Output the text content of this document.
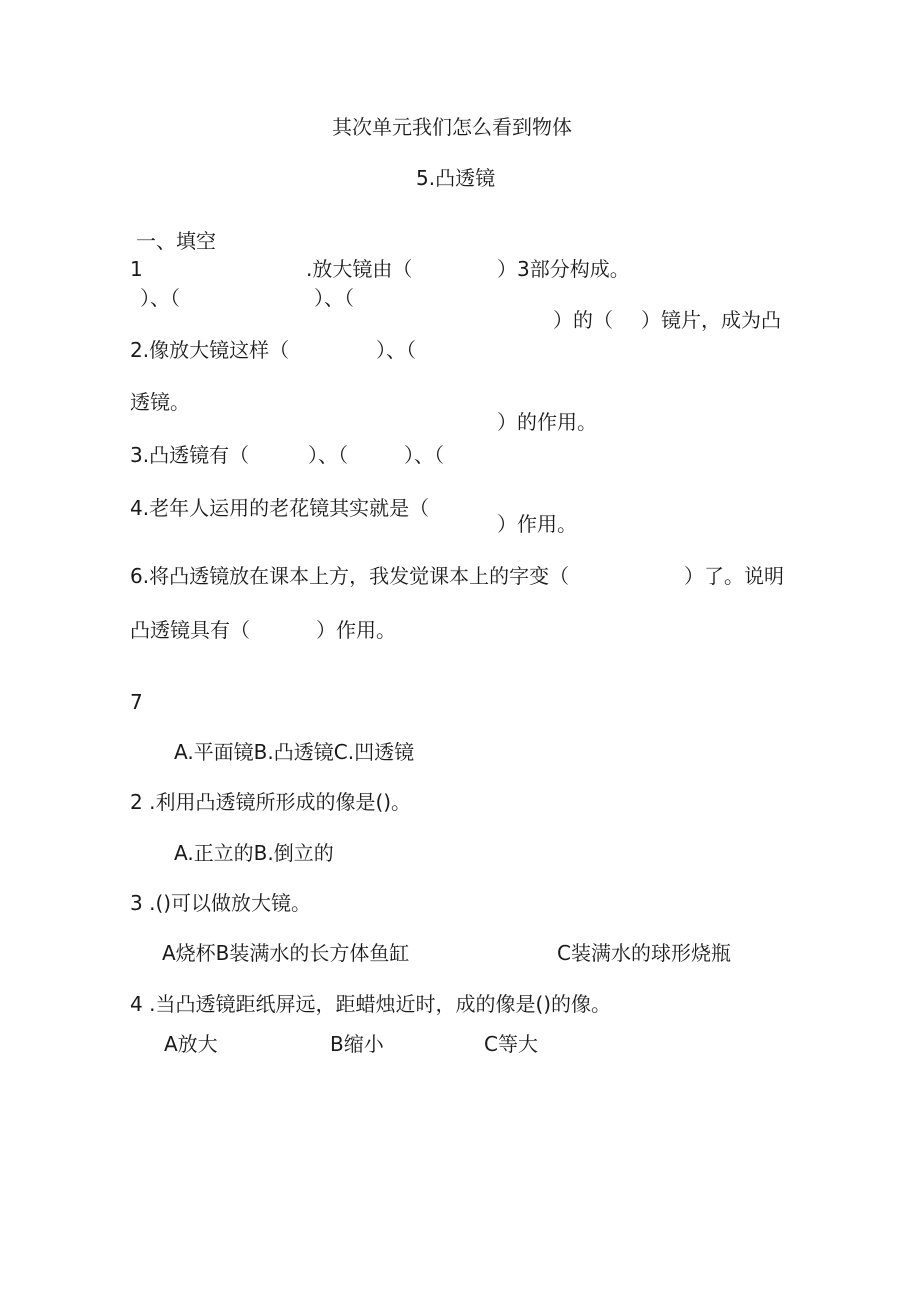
其次单元我们怎么看到物体
5.凸透镜
一、填空
1	.放大镜由（	）3部分构成。
）、（	）、（
）的（ ）镜片，成为凸
2.像放大镜这样（	）、（
透镜。
）的作用。
3.凸透镜有（	）、（	）、（
4.老年人运用的老花镜其实就是（
）作用。
6.将凸透镜放在课本上方，我发觉课本上的字变（	）了。说明
凸透镜具有（	）作用。
7
A.平面镜B.凸透镜C.凹透镜
2 .利用凸透镜所形成的像是()。
A.正立的B.倒立的
3 .()可以做放大镜。
A烧杯B装满水的长方体鱼缸	C装满水的球形烧瓶
4 .当凸透镜距纸屏远，距蜡烛近时，成的像是()的像。
A放大	B缩小	C等大
